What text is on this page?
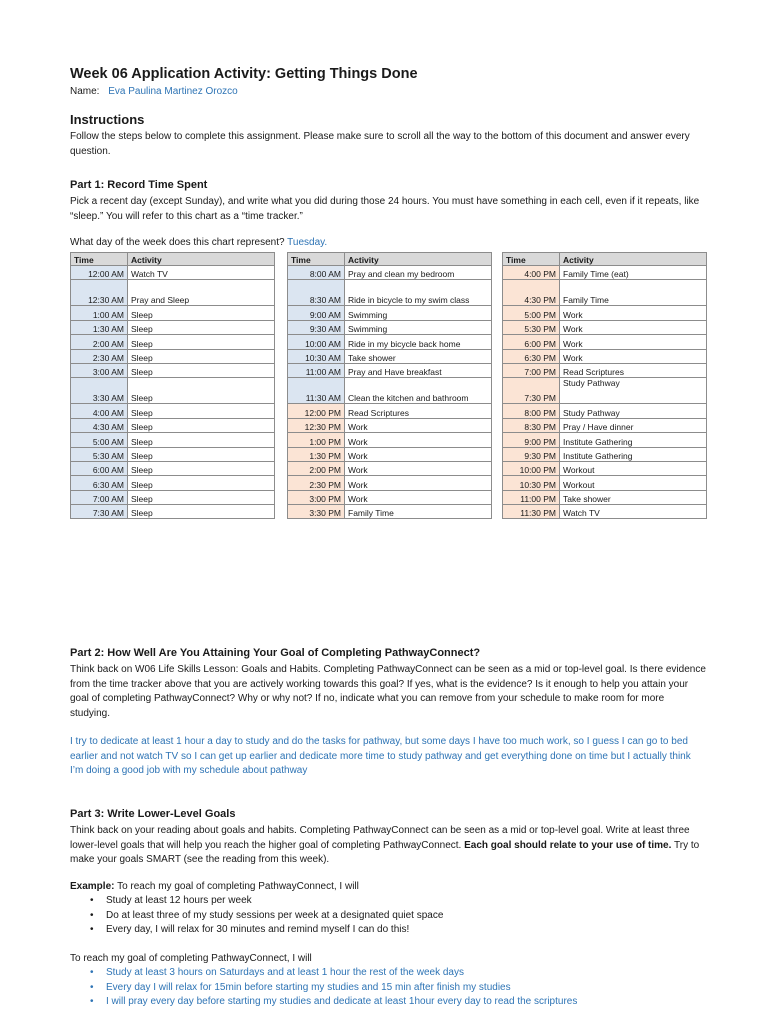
Week 06 Application Activity: Getting Things Done
Name: Eva Paulina Martinez Orozco
Instructions
Follow the steps below to complete this assignment. Please make sure to scroll all the way to the bottom of this document and answer every question.
Part 1: Record Time Spent
Pick a recent day (except Sunday), and write what you did during those 24 hours. You must have something in each cell, even if it repeats, like “sleep.” You will refer to this chart as a “time tracker.”
What day of the week does this chart represent? Tuesday.
Time	Activity
12:00 AM	Watch TV
12:30 AM	Pray and Sleep
1:00 AM	Sleep
1:30 AM	Sleep
2:00 AM	Sleep
2:30 AM	Sleep
3:00 AM	Sleep
3:30 AM	Sleep
4:00 AM	Sleep
4:30 AM	Sleep
5:00 AM	Sleep
5:30 AM	Sleep
6:00 AM	Sleep
6:30 AM	Sleep
7:00 AM	Sleep
7:30 AM	Sleep
Time	Activity
8:00 AM	Pray and clean my bedroom
8:30 AM	Ride in bicycle to my swim class
9:00 AM	Swimming
9:30 AM	Swimming
10:00 AM	Ride in my bicycle back home
10:30 AM	Take shower
11:00 AM	Pray and Have breakfast
11:30 AM	Clean the kitchen and bathroom
12:00 PM	Read Scriptures
12:30 PM	Work
1:00 PM	Work
1:30 PM	Work
2:00 PM	Work
2:30 PM	Work
3:00 PM	Work
3:30 PM	Family Time
Time	Activity
4:00 PM	Family Time (eat)
4:30 PM	Family Time
5:00 PM	Work
5:30 PM	Work
6:00 PM	Work
6:30 PM	Work
7:00 PM	Read Scriptures
7:30 PM	Study Pathway
8:00 PM	Study Pathway
8:30 PM	Pray / Have dinner
9:00 PM	Institute Gathering
9:30 PM	Institute Gathering
10:00 PM	Workout
10:30 PM	Workout
11:00 PM	Take shower
11:30 PM	Watch TV
Part 2: How Well Are You Attaining Your Goal of Completing PathwayConnect?
Think back on W06 Life Skills Lesson: Goals and Habits. Completing PathwayConnect can be seen as a mid or top-level goal. Is there evidence from the time tracker above that you are actively working towards this goal? If yes, what is the evidence? Is it enough to help you attain your goal of completing PathwayConnect? Why or why not? If no, indicate what you can remove from your schedule to make room for more studying.
I try to dedicate at least 1 hour a day to study and do the tasks for pathway, but some days I have too much work, so I guess I can go to bed earlier and not watch TV so I can get up earlier and dedicate more time to study pathway and get everything done on time but I actually think I’m doing a good job with my schedule about pathway
Part 3: Write Lower-Level Goals
Think back on your reading about goals and habits. Completing PathwayConnect can be seen as a mid or top-level goal. Write at least three lower-level goals that will help you reach the higher goal of completing PathwayConnect. Each goal should relate to your use of time. Try to make your goals SMART (see the reading from this week).
Example: To reach my goal of completing PathwayConnect, I will
• Study at least 12 hours per week
• Do at least three of my study sessions per week at a designated quiet space
• Every day, I will relax for 30 minutes and remind myself I can do this!
To reach my goal of completing PathwayConnect, I will
• Study at least 3 hours on Saturdays and at least 1 hour the rest of the week days
• Every day I will relax for 15min before starting my studies and 15 min after finish my studies
• I will pray every day before starting my studies and dedicate at least 1hour every day to read the scriptures
